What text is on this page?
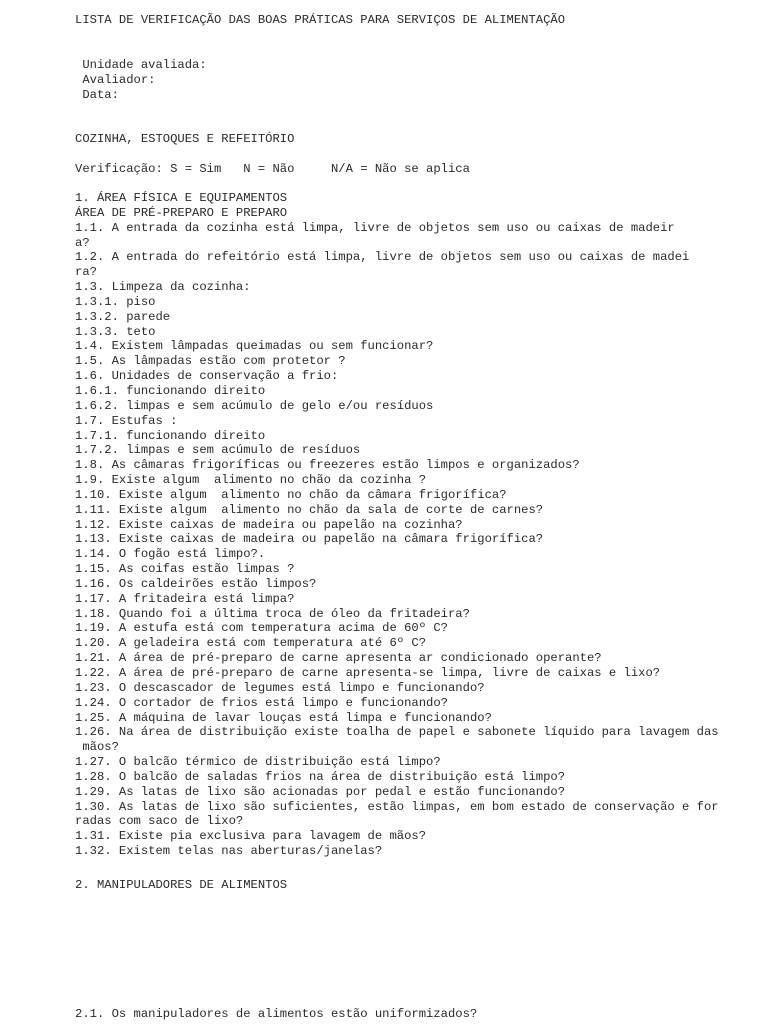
LISTA DE VERIFICAÇÃO DAS BOAS PRÁTICAS PARA SERVIÇOS DE ALIMENTAÇÃO
Unidade avaliada:
Avaliador:
Data:
COZINHA, ESTOQUES E REFEITÓRIO
Verificação: S = Sim   N = Não     N/A = Não se aplica
1. ÁREA FÍSICA E EQUIPAMENTOS
ÁREA DE PRÉ-PREPARO E PREPARO
1.1. A entrada da cozinha está limpa, livre de objetos sem uso ou caixas de madeir
a?
1.2. A entrada do refeitório está limpa, livre de objetos sem uso ou caixas de madei
ra?
1.3. Limpeza da cozinha:
1.3.1. piso
1.3.2. parede
1.3.3. teto
1.4. Existem lâmpadas queimadas ou sem funcionar?
1.5. As lâmpadas estão com protetor ?
1.6. Unidades de conservação a frio:
1.6.1. funcionando direito
1.6.2. limpas e sem acúmulo de gelo e/ou resíduos
1.7. Estufas :
1.7.1. funcionando direito
1.7.2. limpas e sem acúmulo de resíduos
1.8. As câmaras frigoríficas ou freezeres estão limpos e organizados?
1.9. Existe algum  alimento no chão da cozinha ?
1.10. Existe algum  alimento no chão da câmara frigorífica?
1.11. Existe algum  alimento no chão da sala de corte de carnes?
1.12. Existe caixas de madeira ou papelão na cozinha?
1.13. Existe caixas de madeira ou papelão na câmara frigorífica?
1.14. O fogão está limpo?.
1.15. As coifas estão limpas ?
1.16. Os caldeirões estão limpos?
1.17. A fritadeira está limpa?
1.18. Quando foi a última troca de óleo da fritadeira?
1.19. A estufa está com temperatura acima de 60º C?
1.20. A geladeira está com temperatura até 6º C?
1.21. A área de pré-preparo de carne apresenta ar condicionado operante?
1.22. A área de pré-preparo de carne apresenta-se limpa, livre de caixas e lixo?
1.23. O descascador de legumes está limpo e funcionando?
1.24. O cortador de frios está limpo e funcionando?
1.25. A máquina de lavar louças está limpa e funcionando?
1.26. Na área de distribuição existe toalha de papel e sabonete líquido para lavagem das
mãos?
1.27. O balcão térmico de distribuição está limpo?
1.28. O balcão de saladas frios na área de distribuição está limpo?
1.29. As latas de lixo são acionadas por pedal e estão funcionando?
1.30. As latas de lixo são suficientes, estão limpas, em bom estado de conservação e for
radas com saco de lixo?
1.31. Existe pia exclusiva para lavagem de mãos?
1.32. Existem telas nas aberturas/janelas?
2. MANIPULADORES DE ALIMENTOS
2.1. Os manipuladores de alimentos estão uniformizados?
